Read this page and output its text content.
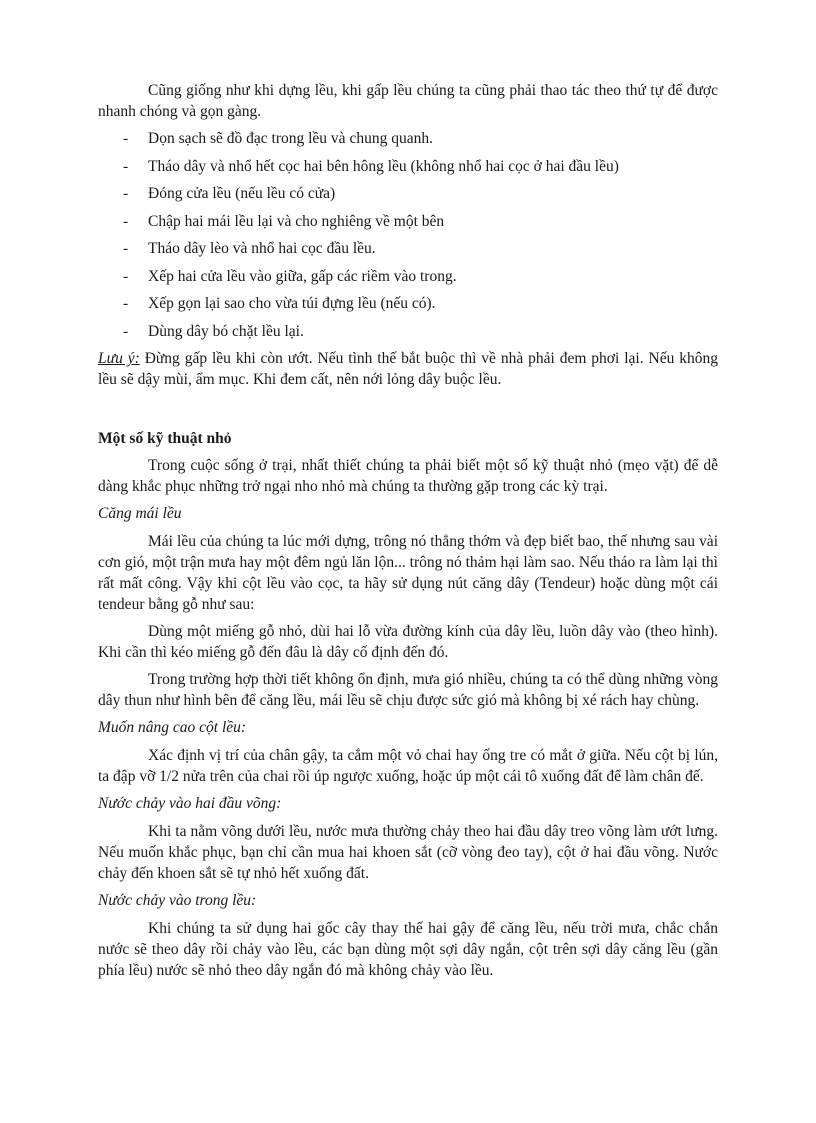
Cũng giống như khi dựng lều, khi gấp lều chúng ta cũng phải thao tác theo thứ tự để được nhanh chóng và gọn gàng.

- Dọn sạch sẽ đồ đạc trong lều và chung quanh.
- Tháo dây và nhổ hết cọc hai bên hông lều (không nhổ hai cọc ở hai đầu lều)
- Đóng cửa lều (nếu lều có cửa)
- Chập hai mái lều lại và cho nghiêng về một bên
- Tháo dây lèo và nhổ hai cọc đầu lều.
- Xếp hai cửa lều vào giữa, gấp các riềm vào trong.
- Xếp gọn lại sao cho vừa túi đựng lều (nếu có).
- Dùng dây bó chặt lều lại.

Lưu ý: Đừng gấp lều khi còn ướt. Nếu tình thế bắt buộc thì về nhà phải đem phơi lại. Nếu không lều sẽ dậy mùi, ẩm mục. Khi đem cất, nên nới lỏng dây buộc lều.

Một số kỹ thuật nhỏ

Trong cuộc sống ở trại, nhất thiết chúng ta phải biết một số kỹ thuật nhỏ (mẹo vặt) để dễ dàng khắc phục những trở ngại nho nhỏ mà chúng ta thường gặp trong các kỳ trại.

Căng mái lều

Mái lều của chúng ta lúc mới dựng, trông nó thẳng thớm và đẹp biết bao, thế nhưng sau vài cơn gió, một trận mưa hay một đêm ngủ lăn lộn... trông nó thảm hại làm sao. Nếu tháo ra làm lại thì rất mất công. Vậy khi cột lều vào cọc, ta hãy sử dụng nút căng dây (Tendeur) hoặc dùng một cái tendeur bằng gỗ như sau:

Dùng một miếng gỗ nhỏ, dùi hai lỗ vừa đường kính của dây lều, luồn dây vào (theo hình). Khi cần thì kéo miếng gỗ đến đâu là dây cố định đến đó.

Trong trường hợp thời tiết không ổn định, mưa gió nhiều, chúng ta có thể dùng những vòng dây thun như hình bên để căng lều, mái lều sẽ chịu được sức gió mà không bị xé rách hay chùng.

Muốn nâng cao cột lều:

Xác định vị trí của chân gậy, ta cắm một vỏ chai hay ống tre có mắt ở giữa. Nếu cột bị lún, ta đập vỡ 1/2 nửa trên của chai rồi úp ngược xuống, hoặc úp một cái tô xuống đất để làm chân đế.

Nước chảy vào hai đầu võng:

Khi ta nằm võng dưới lều, nước mưa thường chảy theo hai đầu dây treo võng làm ướt lưng. Nếu muốn khắc phục, bạn chỉ cần mua hai khoen sắt (cỡ vòng đeo tay), cột ở hai đầu võng. Nước chảy đến khoen sắt sẽ tự nhỏ hết xuống đất.

Nước chảy vào trong lều:

Khi chúng ta sử dụng hai gốc cây thay thế hai gậy để căng lều, nếu trời mưa, chắc chắn nước sẽ theo dây rồi chảy vào lều, các bạn dùng một sợi dây ngắn, cột trên sợi dây căng lều (gần phía lều) nước sẽ nhỏ theo dây ngắn đó mà không chảy vào lều.
